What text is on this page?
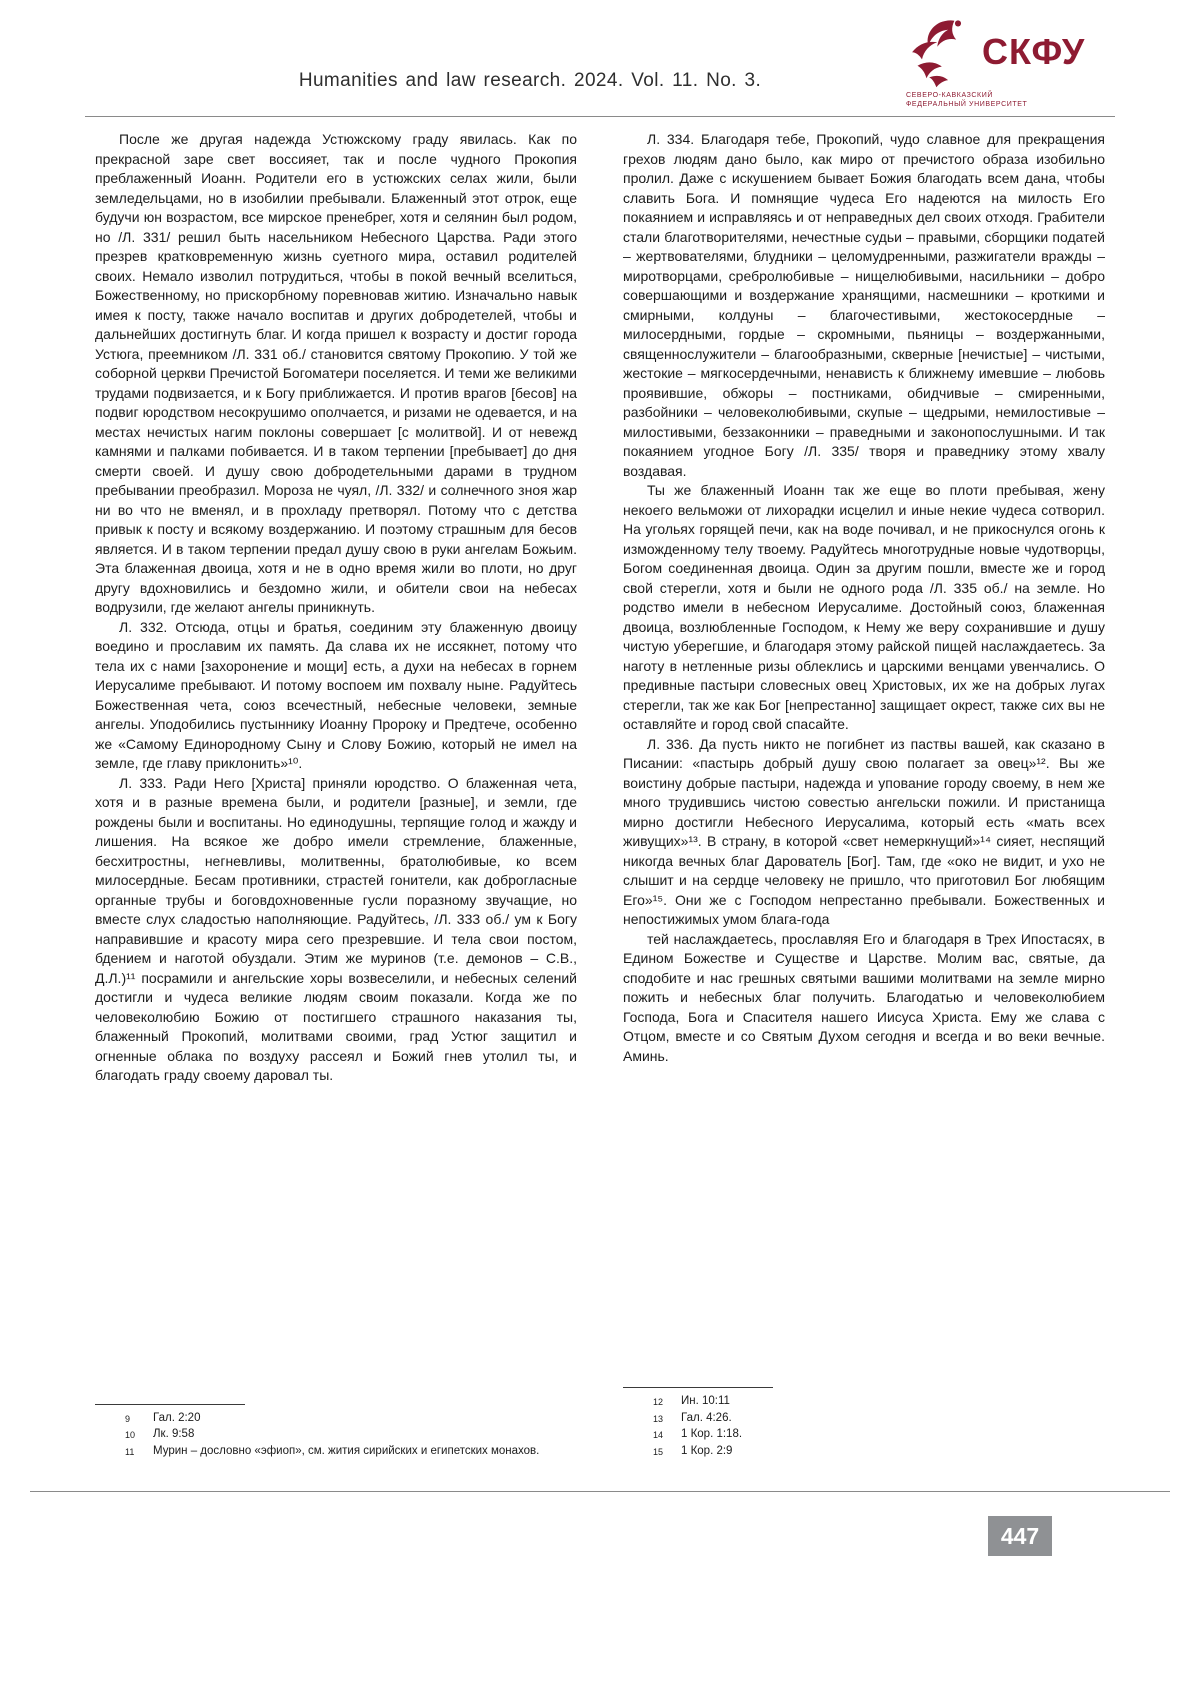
Humanities and law research. 2024. Vol. 11. No. 3.
СКФУ
СЕВЕРО-КАВКАЗСКИЙ
ФЕДЕРАЛЬНЫЙ УНИВЕРСИТЕТ

После же другая надежда Устюжскому граду явилась. Как по прекрасной заре свет воссияет, так и после чудного Прокопия преблаженный Иоанн. Родители его в устюжских селах жили, были земледельцами, но в изобилии пребывали. Блаженный этот отрок, еще будучи юн возрастом, все мирское пренебрег, хотя и селянин был родом, но /Л. 331/ решил быть насельником Небесного Царства. Ради этого презрев кратковременную жизнь суетного мира, оставил родителей своих. Немало изволил потрудиться, чтобы в покой вечный вселиться, Божественному, но прискорбному поревновав житию. Изначально навык имея к посту, также начало воспитав и других добродетелей, чтобы и дальнейших достигнуть благ. И когда пришел к возрасту и достиг города Устюга, преемником /Л. 331 об./ становится святому Прокопию. У той же соборной церкви Пречистой Богоматери поселяется. И теми же великими трудами подвизается, и к Богу приближается. И против врагов [бесов] на подвиг юродством несокрушимо ополчается, и ризами не одевается, и на местах нечистых нагим поклоны совершает [с молитвой]. И от невежд камнями и палками побивается. И в таком терпении [пребывает] до дня смерти своей. И душу свою добродетельными дарами в трудном пребывании преобразил. Мороза не чуял, /Л. 332/ и солнечного зноя жар ни во что не вменял, и в прохладу претворял. Потому что с детства привык к посту и всякому воздержанию. И поэтому страшным для бесов является. И в таком терпении предал душу свою в руки ангелам Божьим. Эта блаженная двоица, хотя и не в одно время жили во плоти, но друг другу вдохновились и бездомно жили, и обители свои на небесах водрузили, где желают ангелы приникнуть.

Л. 332. Отсюда, отцы и братья, соединим эту блаженную двоицу воедино и прославим их память. Да слава их не иссякнет, потому что тела их с нами [захоронение и мощи] есть, а духи на небесах в горнем Иерусалиме пребывают. И потому воспоем им похвалу ныне. Радуйтесь Божественная чета, союз всечестный, небесные человеки, земные ангелы. Уподобились пустыннику Иоанну Пророку и Предтече, особенно же «Самому Единородному Сыну и Слову Божию, который не имел на земле, где главу приклонить»¹⁰.

Л. 333. Ради Него [Христа] приняли юродство. О блаженная чета, хотя и в разные времена были, и родители [разные], и земли, где рождены были и воспитаны. Но единодушны, терпящие голод и жажду и лишения. На всякое же добро имели стремление, блаженные, бесхитростны, негневливы, молитвенны, братолюбивые, ко всем милосердные. Бесам противники, страстей гонители, как доброгласные органные трубы и боговдохновенные гусли поразному звучащие, но вместе слух сладостью наполняющие. Радуйтесь, /Л. 333 об./ ум к Богу направившие и красоту мира сего презревшие. И тела свои постом, бдением и наготой обуздали. Этим же муринов (т.е. демонов – С.В., Д.Л.)¹¹ посрамили и ангельские хоры возвеселили, и небесных селений достигли и чудеса великие людям своим показали. Когда же по человеколюбию Божию от постигшего страшного наказания ты, блаженный Прокопий, молитвами своими, град Устюг защитил и огненные облака по воздуху рассеял и Божий гнев утолил ты, и благодать граду своему даровал ты.

9	Гал. 2:20
10	Лк. 9:58
11	Мурин – дословно «эфиоп», см. жития сирийских и египетских монахов.

Л. 334. Благодаря тебе, Прокопий, чудо славное для прекращения грехов людям дано было, как миро от пречистого образа изобильно пролил. Даже с искушением бывает Божия благодать всем дана, чтобы славить Бога. И помнящие чудеса Его надеются на милость Его покаянием и исправляясь и от неправедных дел своих отходя. Грабители стали благотворителями, нечестные судьи – правыми, сборщики податей – жертвователями, блудники – целомудренными, разжигатели вражды – миротворцами, сребролюбивые – нищелюбивыми, насильники – добро совершающими и воздержание хранящими, насмешники – кроткими и смирными, колдуны – благочестивыми, жестокосердные – милосердными, гордые – скромными, пьяницы – воздержанными, священнослужители – благообразными, скверные [нечистые] – чистыми, жестокие – мягкосердечными, ненависть к ближнему имевшие – любовь проявившие, обжоры – постниками, обидчивые – смиренными, разбойники – человеколюбивыми, скупые – щедрыми, немилостивые – милостивыми, беззаконники – праведными и законопослушными. И так покаянием угодное Богу /Л. 335/ творя и праведнику этому хвалу воздавая.

Ты же блаженный Иоанн так же еще во плоти пребывая, жену некоего вельможи от лихорадки исцелил и иные некие чудеса сотворил. На угольях горящей печи, как на воде почивал, и не прикоснулся огонь к изможденному телу твоему. Радуйтесь многотрудные новые чудотворцы, Богом соединенная двоица. Один за другим пошли, вместе же и город свой стерегли, хотя и были не одного рода /Л. 335 об./ на земле. Но родство имели в небесном Иерусалиме. Достойный союз, блаженная двоица, возлюбленные Господом, к Нему же веру сохранившие и душу чистую уберегшие, и благодаря этому райской пищей наслаждаетесь. За наготу в нетленные ризы облеклись и царскими венцами увенчались. О предивные пастыри словесных овец Христовых, их же на добрых лугах стерегли, так же как Бог [непрестанно] защищает окрест, также сих вы не оставляйте и город свой спасайте.

Л. 336. Да пусть никто не погибнет из паствы вашей, как сказано в Писании: «пастырь добрый душу свою полагает за овец»¹². Вы же воистину добрые пастыри, надежда и упование городу своему, в нем же много трудившись чистою совестью ангельски пожили. И пристанища мирно достигли Небесного Иерусалима, который есть «мать всех живущих»¹³. В страну, в которой «свет немеркнущий»¹⁴ сияет, неспящий никогда вечных благ Дарователь [Бог]. Там, где «око не видит, и ухо не слышит и на сердце человеку не пришло, что приготовил Бог любящим Его»¹⁵. Они же с Господом непрестанно пребывали. Божественных и непостижимых умом блага-года

тей наслаждаетесь, прославляя Его и благодаря в Трех Ипостасях, в Едином Божестве и Существе и Царстве. Молим вас, святые, да сподобите и нас грешных святыми вашими молитвами на земле мирно пожить и небесных благ получить. Благодатью и человеколюбием Господа, Бога и Спасителя нашего Иисуса Христа. Ему же слава с Отцом, вместе и со Святым Духом сегодня и всегда и во веки вечные. Аминь.

12	Ин. 10:11
13	Гал. 4:26.
14	1 Кор. 1:18.
15	1 Кор. 2:9
447
